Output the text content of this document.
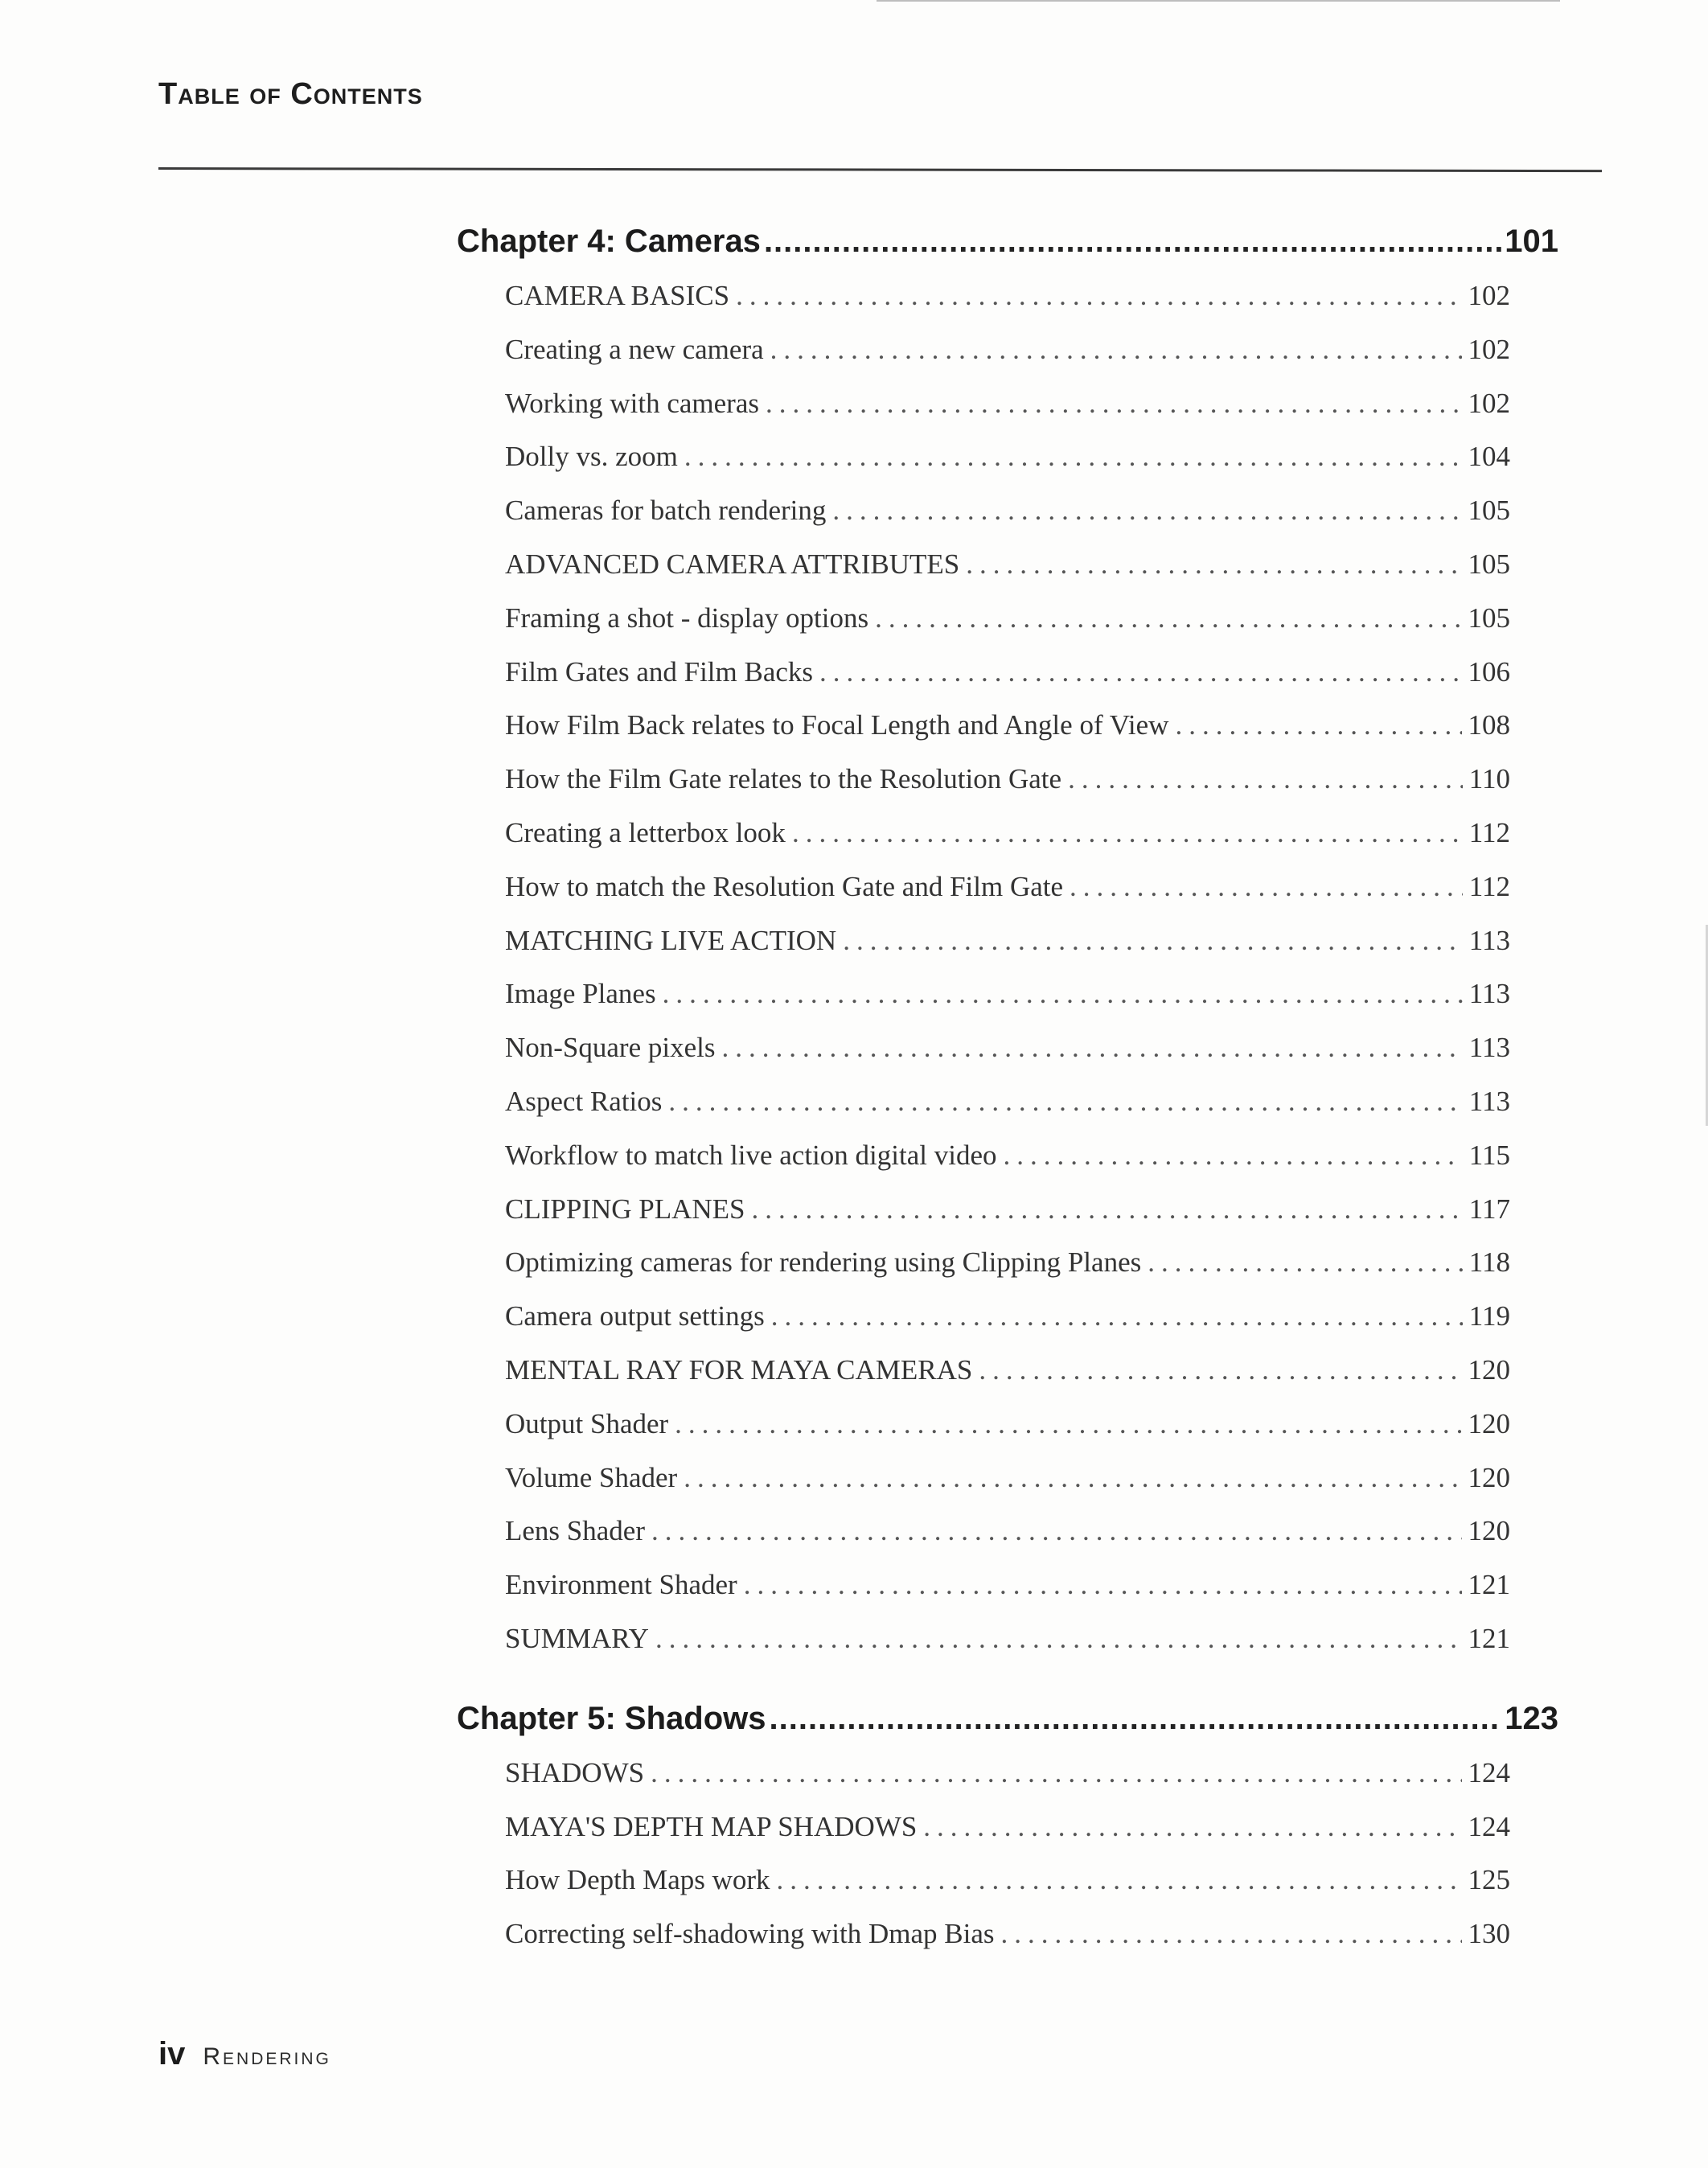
Table of Contents
Chapter 4: Cameras .....	101
CAMERA BASICS .....	102
Creating a new camera .....	102
Working with cameras .....	102
Dolly vs. zoom .....	104
Cameras for batch rendering .....	105
ADVANCED CAMERA ATTRIBUTES .....	105
Framing a shot - display options .....	105
Film Gates and Film Backs .....	106
How Film Back relates to Focal Length and Angle of View .....	108
How the Film Gate relates to the Resolution Gate .....	110
Creating a letterbox look .....	112
How to match the Resolution Gate and Film Gate .....	112
MATCHING LIVE ACTION .....	113
Image Planes .....	113
Non-Square pixels .....	113
Aspect Ratios .....	113
Workflow to match live action digital video .....	115
CLIPPING PLANES .....	117
Optimizing cameras for rendering using Clipping Planes .....	118
Camera output settings .....	119
MENTAL RAY FOR MAYA CAMERAS .....	120
Output Shader .....	120
Volume Shader .....	120
Lens Shader .....	120
Environment Shader .....	121
SUMMARY .....	121
Chapter 5: Shadows .....	123
SHADOWS .....	124
MAYA'S DEPTH MAP SHADOWS .....	124
How Depth Maps work .....	125
Correcting self-shadowing with Dmap Bias .....	130
iv Rendering
